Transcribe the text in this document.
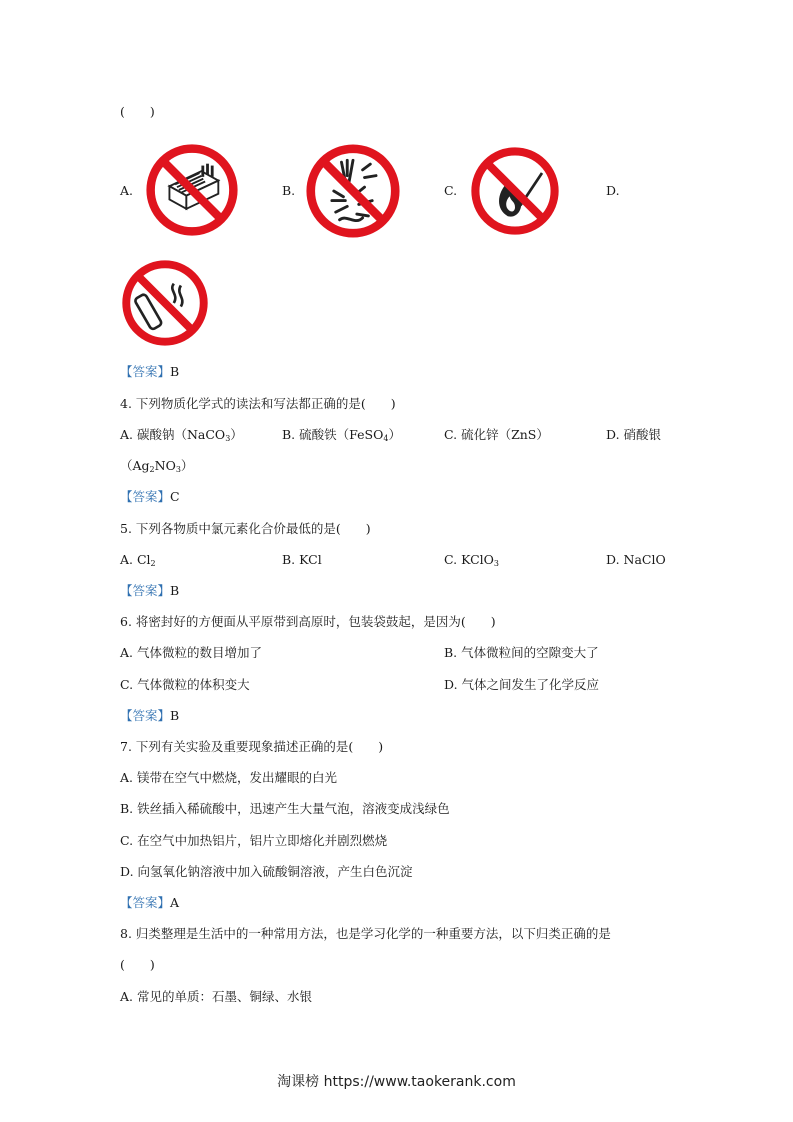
(　　)
A.	B.	C.	D.
【答案】B
4. 下列物质化学式的读法和写法都正确的是(　　)
A. 碳酸钠（NaCO$_3$）	B. 硫酸铁（FeSO$_4$）	C. 硫化锌（ZnS）	D. 硝酸银
$(Ag_2NO_3)$
【答案】C
5. 下列各物质中氯元素化合价最低的是(　　)
A. $Cl_2$	B. KCl	C. KClO$_3$	D. NaClO
【答案】B
6. 将密封好的方便面从平原带到高原时，包装袋鼓起，是因为(　　)
A. 气体微粒的数目增加了	B. 气体微粒间的空隙变大了
C. 气体微粒的体积变大	D. 气体之间发生了化学反应
【答案】B
7. 下列有关实验及重要现象描述正确的是(　　)
A. 镁带在空气中燃烧，发出耀眼的白光
B. 铁丝插入稀硫酸中，迅速产生大量气泡，溶液变成浅绿色
C. 在空气中加热铝片，铝片立即熔化并剧烈燃烧
D. 向氢氧化钠溶液中加入硫酸铜溶液，产生白色沉淀
【答案】A
8. 归类整理是生活中的一种常用方法，也是学习化学的一种重要方法，以下归类正确的是
(　　)
A. 常见的单质：石墨、铜绿、水银
淘课榜 https://www.taokerank.com
